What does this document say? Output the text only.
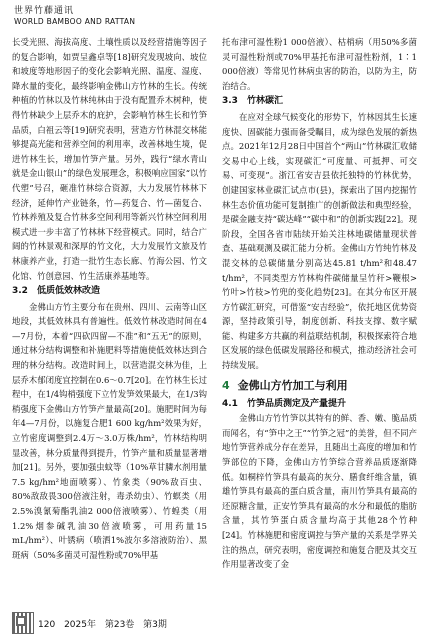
世界竹藤通讯
WORLD BAMBOO AND RATTAN

长受光照、海拔高度、土壤性质以及经营措施等因子的复合影响，如贾呈鑫卓等[18]研究发现坡向、坡位和坡度等地形因子的变化会影响光照、温度、湿度、降水量的变化，最终影响金佛山方竹林的生长。传统种植的竹林以及竹林纯林由于没有配置乔木树种，使得竹林缺少上层乔木的庇护，会影响竹林生长和竹笋品质，白祖云等[19]研究表明，营造方竹林混交林能够提高光能和营养空间的利用率，改善林地生境，促进竹林生长，增加竹笋产量。另外，践行“绿水青山就是金山银山”的绿色发展理念，积极响应国家“以竹代塑”号召，砸准竹林综合资源，大力发展竹林林下经济，延伸竹产业链条，竹—药复合、竹—菌复合、竹林养殖及复合竹林多空间利用等新兴竹林空间利用模式进一步丰富了竹林林下经营模式。同时，结合广阔的竹林景观和深厚的竹文化，大力发展竹文旅及竹林康养产业，打造一批竹生态长廊、竹海公园、竹文化馆、竹创意园、竹生活康养基地等。

3.2　低质低效林改造

金佛山方竹主要分布在贵州、四川、云南等山区地段，其低效林具有普遍性。低效竹林改造时间在4—7月份，本着“四砍四留—不准”和“五无”的原则，通过林分结构调整和补施肥料等措施使低效林达到合理的林分结构。改造时间上，以营造混交林为佳，上层乔木郁闭度宜控制在0.6～0.7[20]。在竹林生长过程中，在1/4钩梢强度下立竹发笋效果最大，在1/3钩梢强度下金佛山方竹笋产量最高[20]。施肥时间为每年4—7月份，以施复合肥1 600 kg/hm²效果为好，立竹密度调整到2.4万～3.0万株/hm²，竹林结构明显改善，林分质量得到提升，竹笋产量和质量显著增加[21]。另外，要加强虫蚊等（10%草甘膦水剂用量7.5 kg/hm²地面喷雾）、竹象类（90%敌百虫、80%敌敌畏300倍液注射，毒杀幼虫）、竹螟类（用2.5%溴氰菊酯乳油2 000倍液喷雾）、竹蝗类（用1.2%烟参碱乳油30倍液喷雾，可用药量15 mL/hm²）、叶锈病（喷洒1%波尔多溶液防治）、黑斑病（50%多菌灵可湿性粉或70%甲基

托布津可湿性粉1 000倍液）、枯梢病（用50%多菌灵可湿性粉剂或70%甲基托布津可湿性粉剂，1∶1 000倍液）等常见竹林病虫害的防治，以防为主，防治结合。

3.3　竹林碳汇

在应对全球气候变化的形势下，竹林因其生长速度快、固碳能力强而备受瞩目，成为绿色发展的新热点。2021年12月28日中国首个“两山”竹林碳汇收储交易中心上线，实现碳汇“可度量、可抵押、可交易、可变现”。浙江省安吉县依托独特的竹林优势，创建国家林业碳汇试点市(县)，探索出了国内挖掘竹林生态价值功能可复制推广的创新做法和典型经验，是碳金融支持“碳达峰”“碳中和”的创新实践[22]。现阶段，全国各省市陆续开始关注林地碳储量现状普查、基础观测及碳汇能力分析。金佛山方竹纯竹林及混交林的总碳储量分别高达45.81 t/hm²和48.47 t/hm²，不同类型方竹林构件碳储量呈竹秆>鞭根>竹叶>竹枝>竹兜的变化趋势[23]。在其分布区开展方竹碳汇研究，可借鉴“安吉经验”，依托地区优势资源，坚持政策引导，制度创新、科技支撑、数字赋能、构建多方共赢的利益联结机制，积极探索符合地区发展的绿色低碳发展路径和模式，推动经济社会可持续发展。

4 金佛山方竹加工与利用
4.1　竹笋品质测定及产量提升

金佛山方竹竹笋以其特有的鲜、香、嫩、脆品质而闻名，有“笋中之王”“竹笋之冠”的美誉，但不同产地竹笋营养成分存在差异，且随出土高度的增加和竹笋部位的下降，金佛山方竹笋综合营养品质逐渐降低。如桐梓竹笋具有最高的灰分、膳食纤维含量，镇雄竹笋具有最高的蛋白质含量，南川竹笋具有最高的还原糖含量，正安竹笋具有最高的水分和最低的脂肪含量，其竹笋蛋白质含量均高于其他28个竹种[24]。竹林施肥和密度调控与笋产量的关系是学界关注的热点，研究表明，密度调控和施复合肥及其交互作用显著改变了金

120 2025年 第23卷 第3期
